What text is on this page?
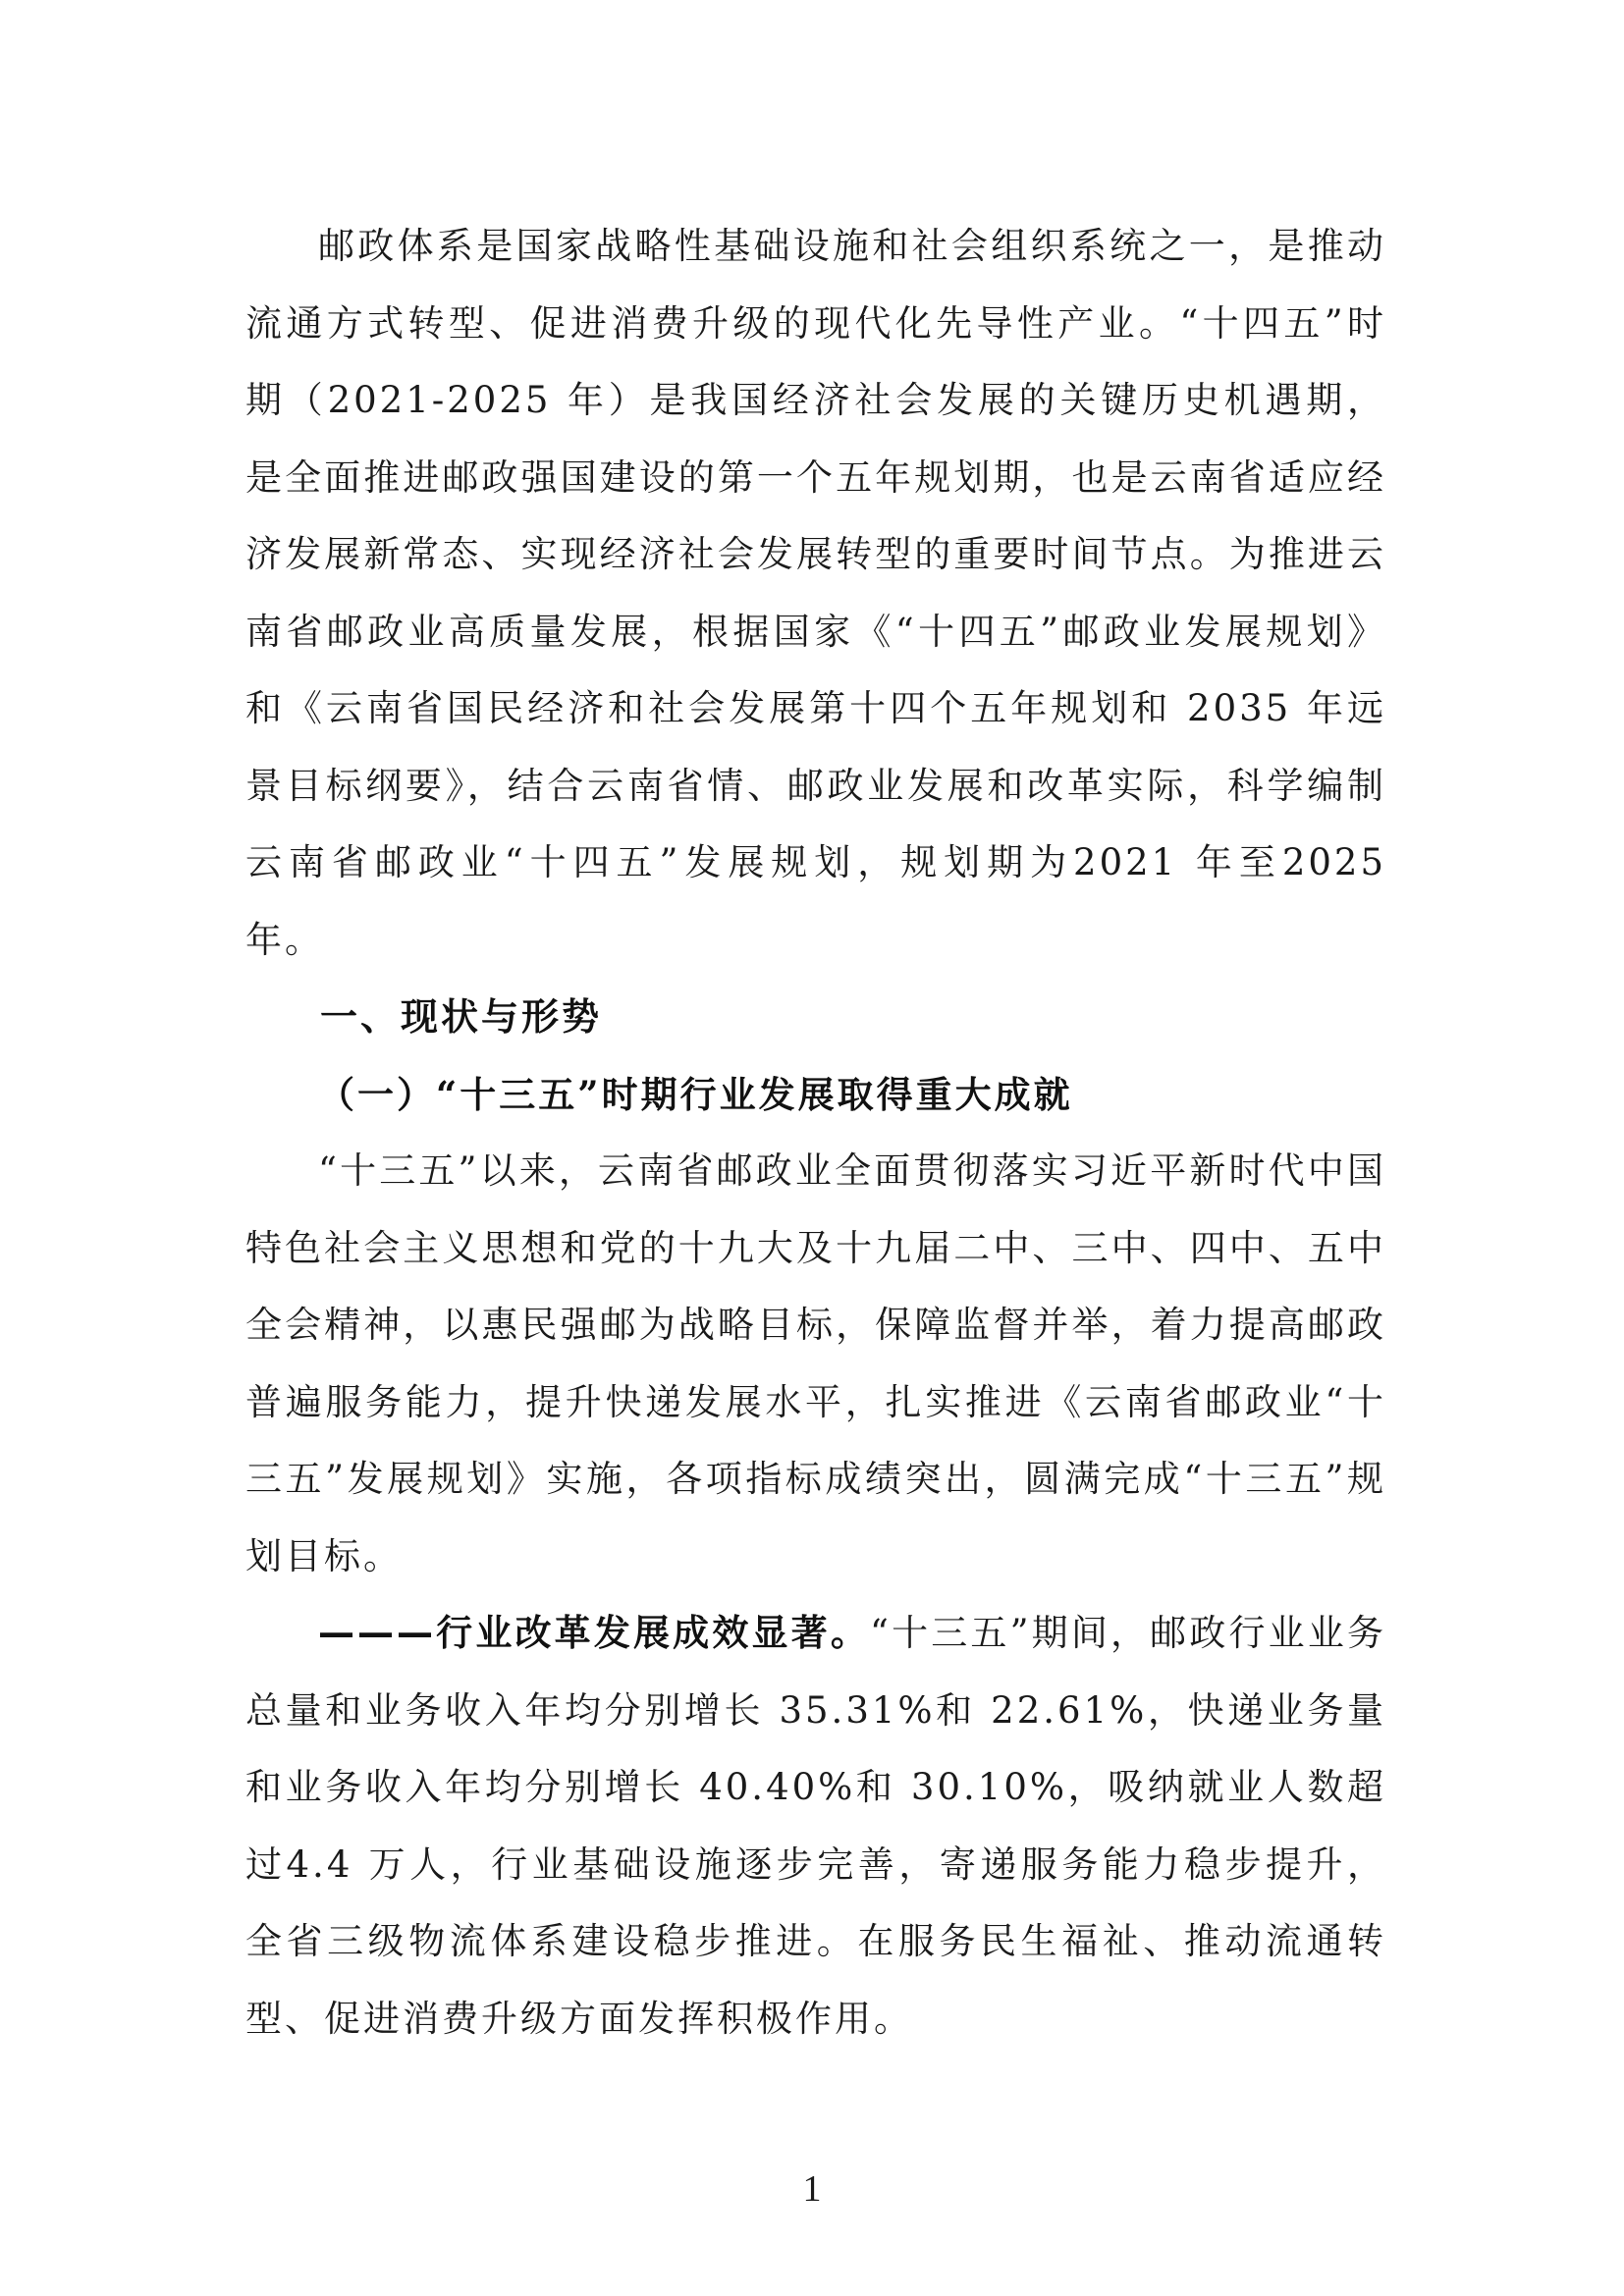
邮政体系是国家战略性基础设施和社会组织系统之一，是推动流通方式转型、促进消费升级的现代化先导性产业。“十四五”时期（2021-2025 年）是我国经济社会发展的关键历史机遇期，是全面推进邮政强国建设的第一个五年规划期，也是云南省适应经济发展新常态、实现经济社会发展转型的重要时间节点。为推进云南省邮政业高质量发展，根据国家《“十四五”邮政业发展规划》和《云南省国民经济和社会发展第十四个五年规划和 2035 年远景目标纲要》，结合云南省情、邮政业发展和改革实际，科学编制云南省邮政业“十四五”发展规划，规划期为2021 年至2025 年。

一、现状与形势

（一）“十三五”时期行业发展取得重大成就

“十三五”以来，云南省邮政业全面贯彻落实习近平新时代中国特色社会主义思想和党的十九大及十九届二中、三中、四中、五中全会精神，以惠民强邮为战略目标，保障监督并举，着力提高邮政普遍服务能力，提升快递发展水平，扎实推进《云南省邮政业“十三五”发展规划》实施，各项指标成绩突出，圆满完成“十三五”规划目标。

———行业改革发展成效显著。“十三五”期间，邮政行业业务总量和业务收入年均分别增长 35.31%和 22.61%，快递业务量和业务收入年均分别增长 40.40%和 30.10%，吸纳就业人数超过4.4 万人，行业基础设施逐步完善，寄递服务能力稳步提升，全省三级物流体系建设稳步推进。在服务民生福祉、推动流通转型、促进消费升级方面发挥积极作用。

1
